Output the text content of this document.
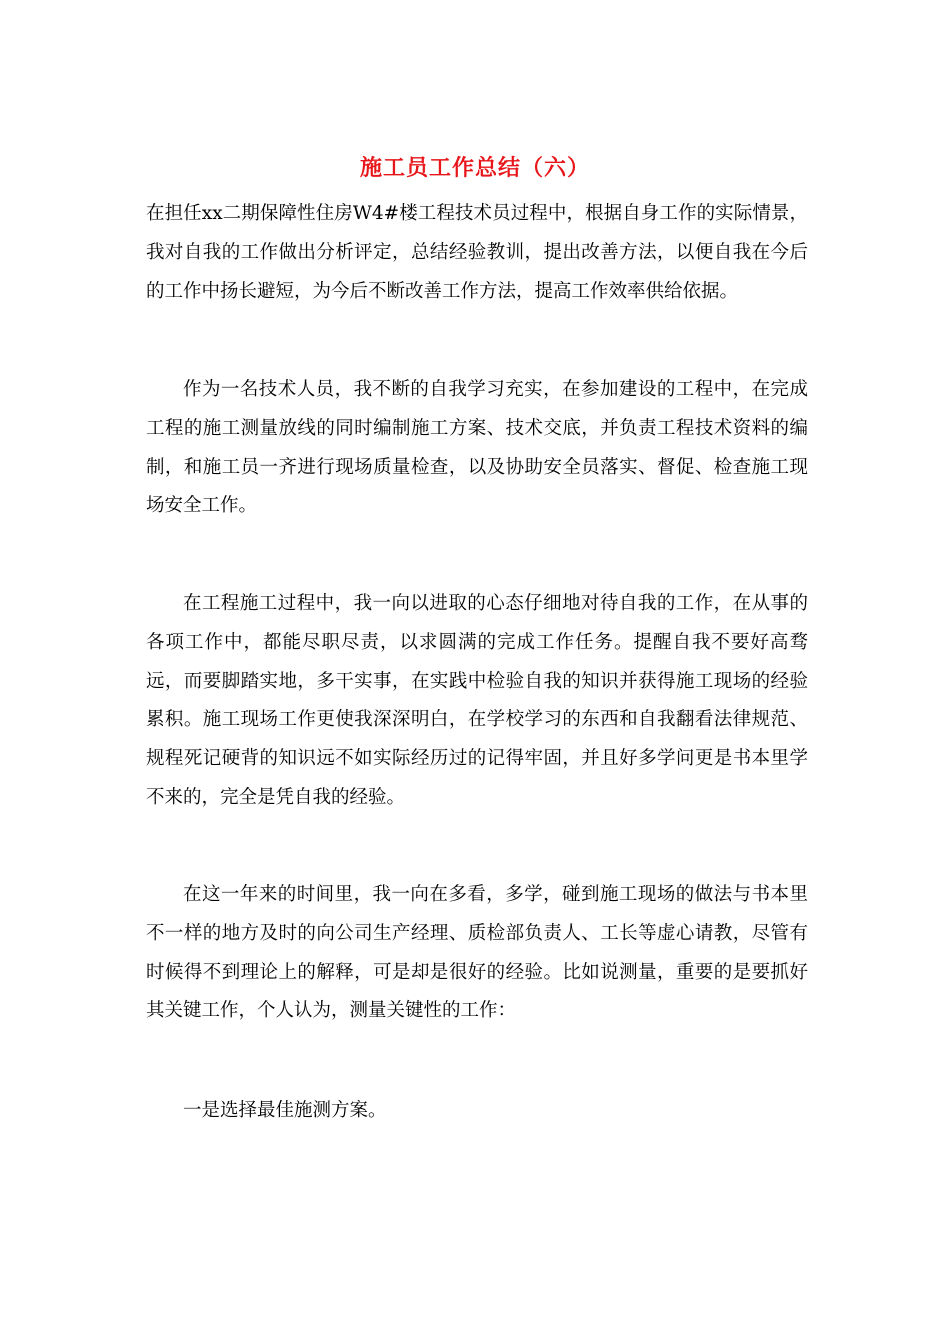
施工员工作总结（六）

在担任xx二期保障性住房W4#楼工程技术员过程中，根据自身工作的实际情景，我对自我的工作做出分析评定，总结经验教训，提出改善方法，以便自我在今后的工作中扬长避短，为今后不断改善工作方法，提高工作效率供给依据。

作为一名技术人员，我不断的自我学习充实，在参加建设的工程中，在完成工程的施工测量放线的同时编制施工方案、技术交底，并负责工程技术资料的编制，和施工员一齐进行现场质量检查，以及协助安全员落实、督促、检查施工现场安全工作。

在工程施工过程中，我一向以进取的心态仔细地对待自我的工作，在从事的各项工作中，都能尽职尽责，以求圆满的完成工作任务。提醒自我不要好高骛远，而要脚踏实地，多干实事，在实践中检验自我的知识并获得施工现场的经验累积。施工现场工作更使我深深明白，在学校学习的东西和自我翻看法律规范、规程死记硬背的知识远不如实际经历过的记得牢固，并且好多学问更是书本里学不来的，完全是凭自我的经验。

在这一年来的时间里，我一向在多看，多学，碰到施工现场的做法与书本里不一样的地方及时的向公司生产经理、质检部负责人、工长等虚心请教，尽管有时候得不到理论上的解释，可是却是很好的经验。比如说测量，重要的是要抓好其关键工作，个人认为，测量关键性的工作：

一是选择最佳施测方案。
